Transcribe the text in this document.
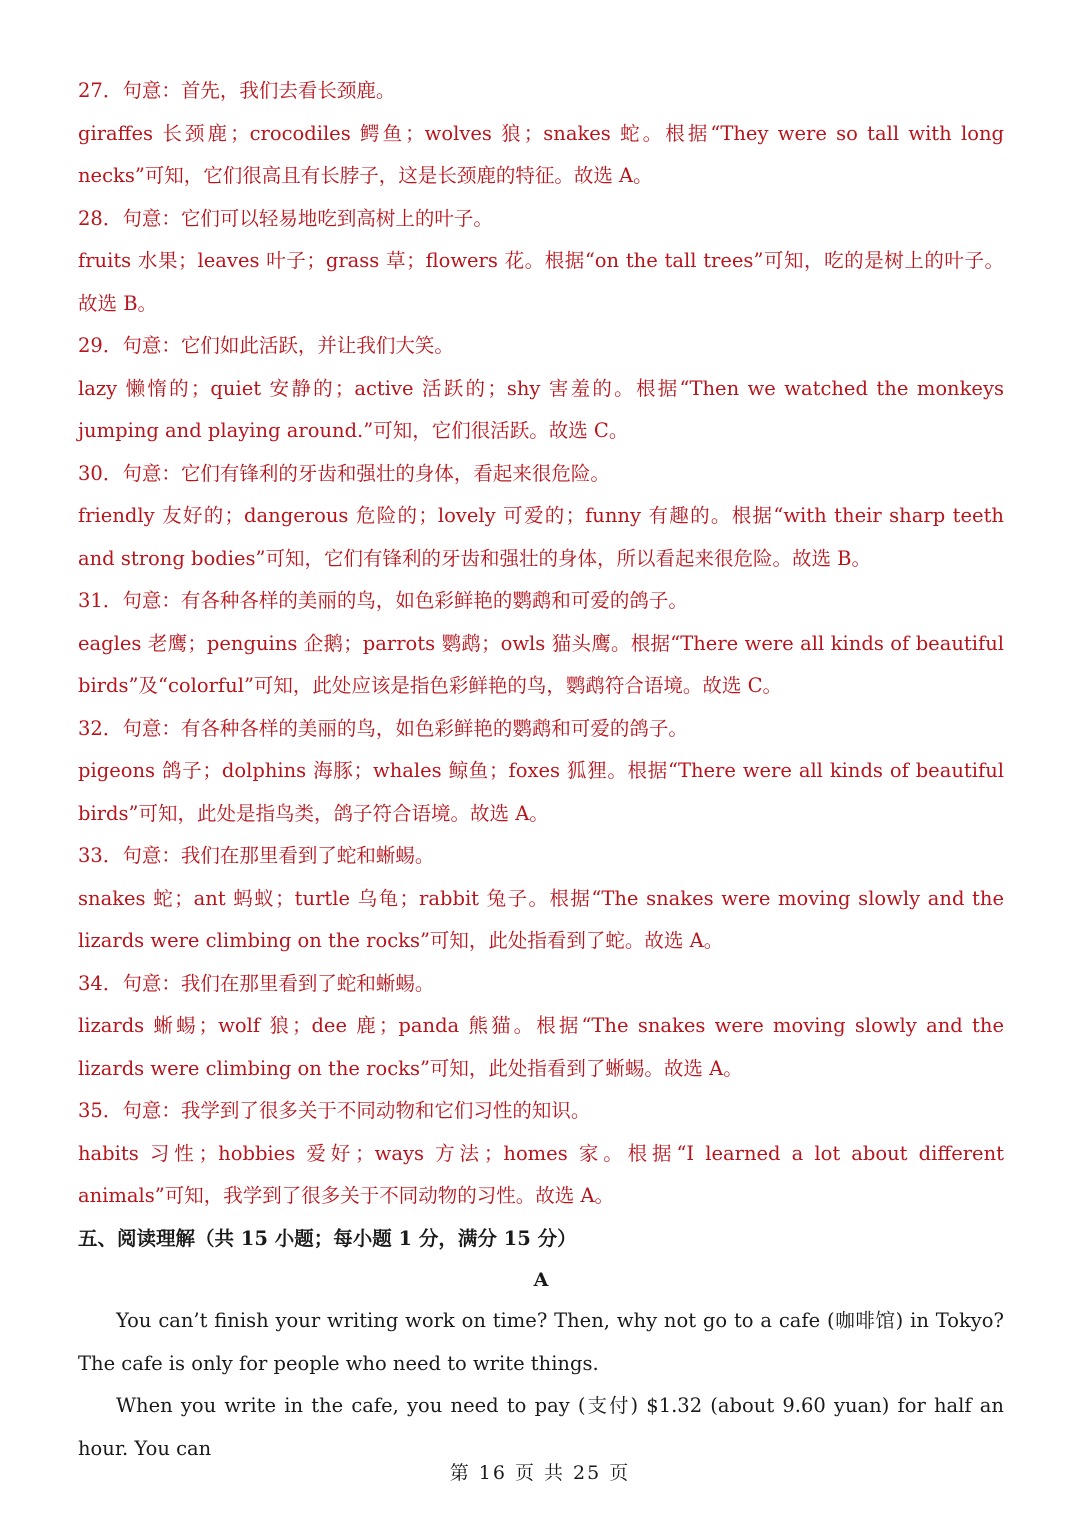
27．句意：首先，我们去看长颈鹿。
giraffes 长颈鹿；crocodiles 鳄鱼；wolves 狼；snakes 蛇。根据“They were so tall with long necks”可知，它们很高且有长脖子，这是长颈鹿的特征。故选 A。
28．句意：它们可以轻易地吃到高树上的叶子。
fruits 水果；leaves 叶子；grass 草；flowers 花。根据“on the tall trees”可知，吃的是树上的叶子。故选 B。
29．句意：它们如此活跃，并让我们大笑。
lazy 懒惰的；quiet 安静的；active 活跃的；shy 害羞的。根据“Then we watched the monkeys jumping and playing around.”可知，它们很活跃。故选 C。
30．句意：它们有锋利的牙齿和强壮的身体，看起来很危险。
friendly 友好的；dangerous 危险的；lovely 可爱的；funny 有趣的。根据“with their sharp teeth and strong bodies”可知，它们有锋利的牙齿和强壮的身体，所以看起来很危险。故选 B。
31．句意：有各种各样的美丽的鸟，如色彩鲜艳的鹦鹉和可爱的鸽子。
eagles 老鹰；penguins 企鹅；parrots 鹦鹉；owls 猫头鹰。根据“There were all kinds of beautiful birds”及“colorful”可知，此处应该是指色彩鲜艳的鸟，鹦鹉符合语境。故选 C。
32．句意：有各种各样的美丽的鸟，如色彩鲜艳的鹦鹉和可爱的鸽子。
pigeons 鸽子；dolphins 海豚；whales 鲸鱼；foxes 狐狸。根据“There were all kinds of beautiful birds”可知，此处是指鸟类，鸽子符合语境。故选 A。
33．句意：我们在那里看到了蛇和蜥蜴。
snakes 蛇；ant 蚂蚁；turtle 乌龟；rabbit 兔子。根据“The snakes were moving slowly and the lizards were climbing on the rocks”可知，此处指看到了蛇。故选 A。
34．句意：我们在那里看到了蛇和蜥蜴。
lizards 蜥蜴；wolf 狼；dee 鹿；panda 熊猫。根据“The snakes were moving slowly and the lizards were climbing on the rocks”可知，此处指看到了蜥蜴。故选 A。
35．句意：我学到了很多关于不同动物和它们习性的知识。
habits 习性；hobbies 爱好；ways 方法；homes 家。根据“I learned a lot about different animals”可知，我学到了很多关于不同动物的习性。故选 A。
五、阅读理解（共 15 小题；每小题 1 分，满分 15 分）
A
You can’t finish your writing work on time? Then, why not go to a cafe (咖啡馆) in Tokyo? The cafe is only for people who need to write things.
When you write in the cafe, you need to pay (支付) $1.32 (about 9.60 yuan) for half an hour. You can
第 16 页 共 25 页
